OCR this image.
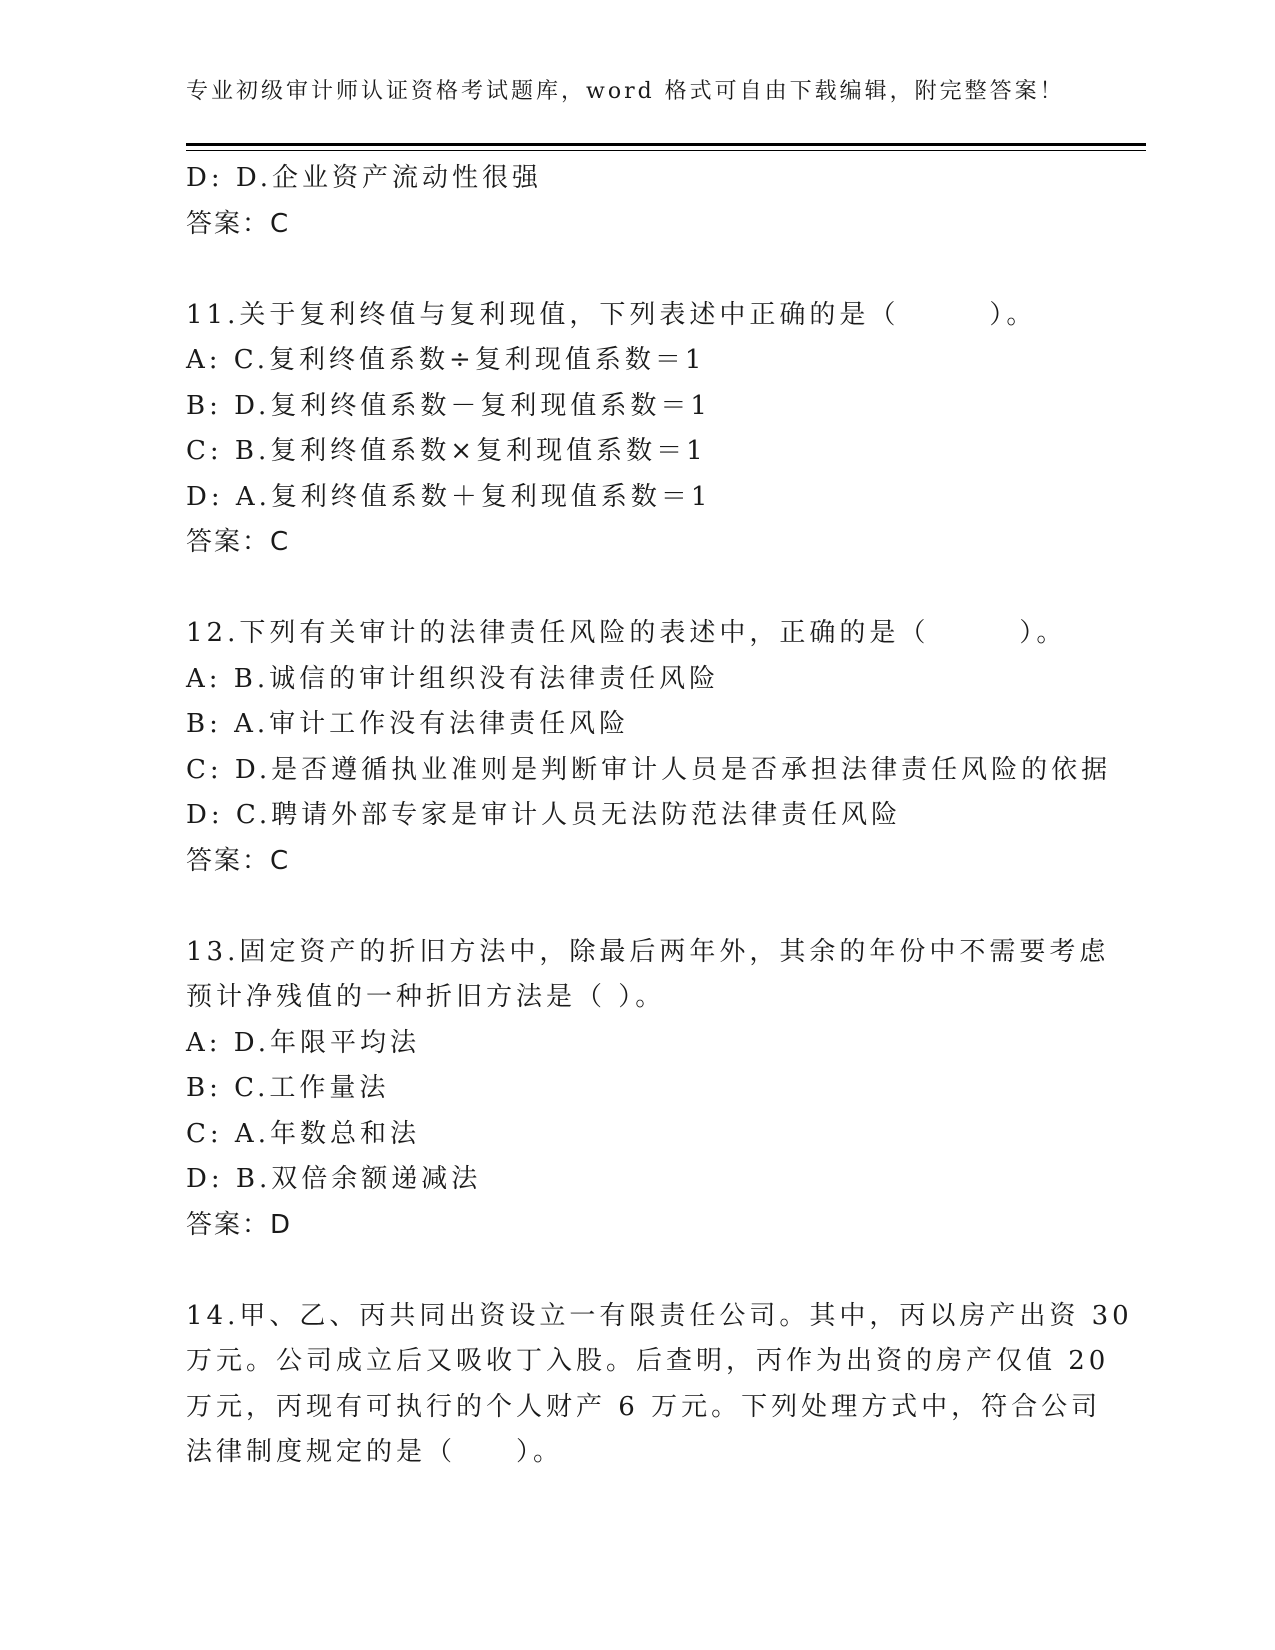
专业初级审计师认证资格考试题库，word 格式可自由下载编辑，附完整答案！
D: D.企业资产流动性很强
答案：C
11.关于复利终值与复利现值，下列表述中正确的是（　　　）。
A: C.复利终值系数÷复利现值系数＝1
B: D.复利终值系数－复利现值系数＝1
C: B.复利终值系数×复利现值系数＝1
D: A.复利终值系数＋复利现值系数＝1
答案：C
12.下列有关审计的法律责任风险的表述中，正确的是（　　　）。
A: B.诚信的审计组织没有法律责任风险
B: A.审计工作没有法律责任风险
C: D.是否遵循执业准则是判断审计人员是否承担法律责任风险的依据
D: C.聘请外部专家是审计人员无法防范法律责任风险
答案：C
13.固定资产的折旧方法中，除最后两年外，其余的年份中不需要考虑
预计净残值的一种折旧方法是（ ）。
A: D.年限平均法
B: C.工作量法
C: A.年数总和法
D: B.双倍余额递减法
答案：D
14.甲、乙、丙共同出资设立一有限责任公司。其中，丙以房产出资 30
万元。公司成立后又吸收丁入股。后查明，丙作为出资的房产仅值 20
万元，丙现有可执行的个人财产 6 万元。下列处理方式中，符合公司
法律制度规定的是（　　）。
